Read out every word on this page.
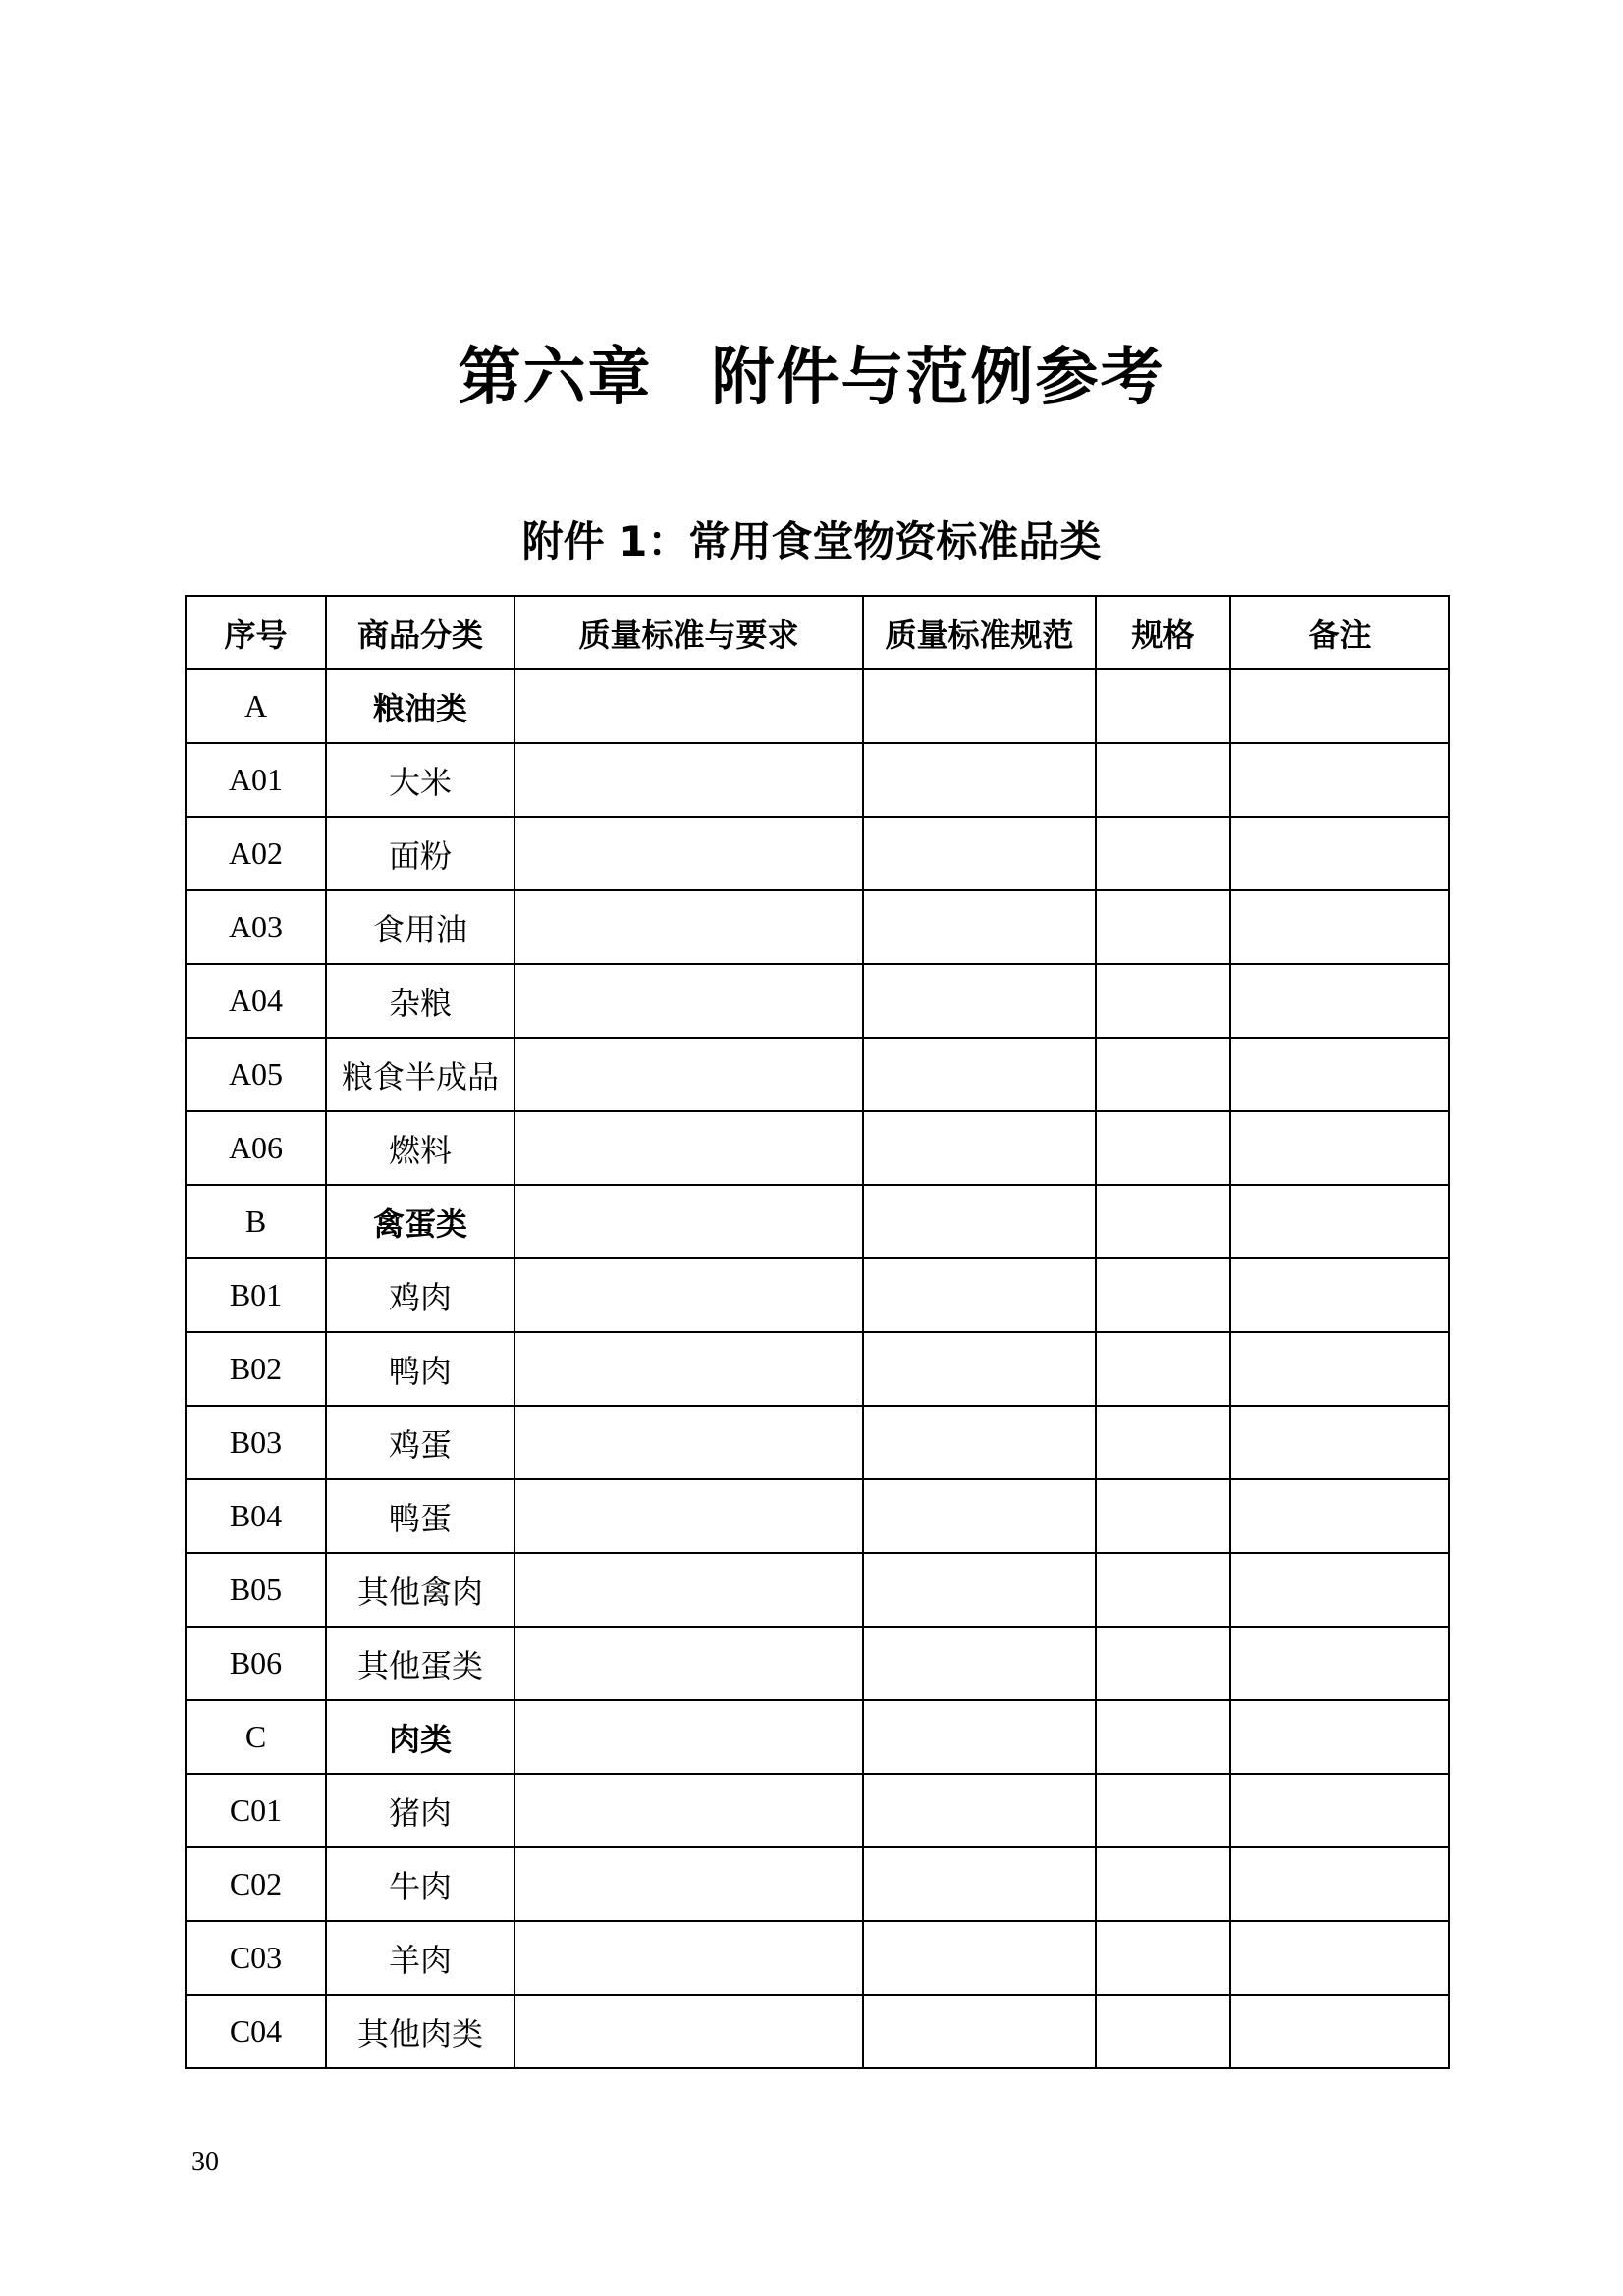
第六章 附件与范例参考
附件 1：常用食堂物资标准品类
序号	商品分类	质量标准与要求	质量标准规范	规格	备注
A	粮油类				
A01	大米				
A02	面粉				
A03	食用油				
A04	杂粮				
A05	粮食半成品				
A06	燃料				
B	禽蛋类				
B01	鸡肉				
B02	鸭肉				
B03	鸡蛋				
B04	鸭蛋				
B05	其他禽肉				
B06	其他蛋类				
C	肉类				
C01	猪肉				
C02	牛肉				
C03	羊肉				
C04	其他肉类				
30
